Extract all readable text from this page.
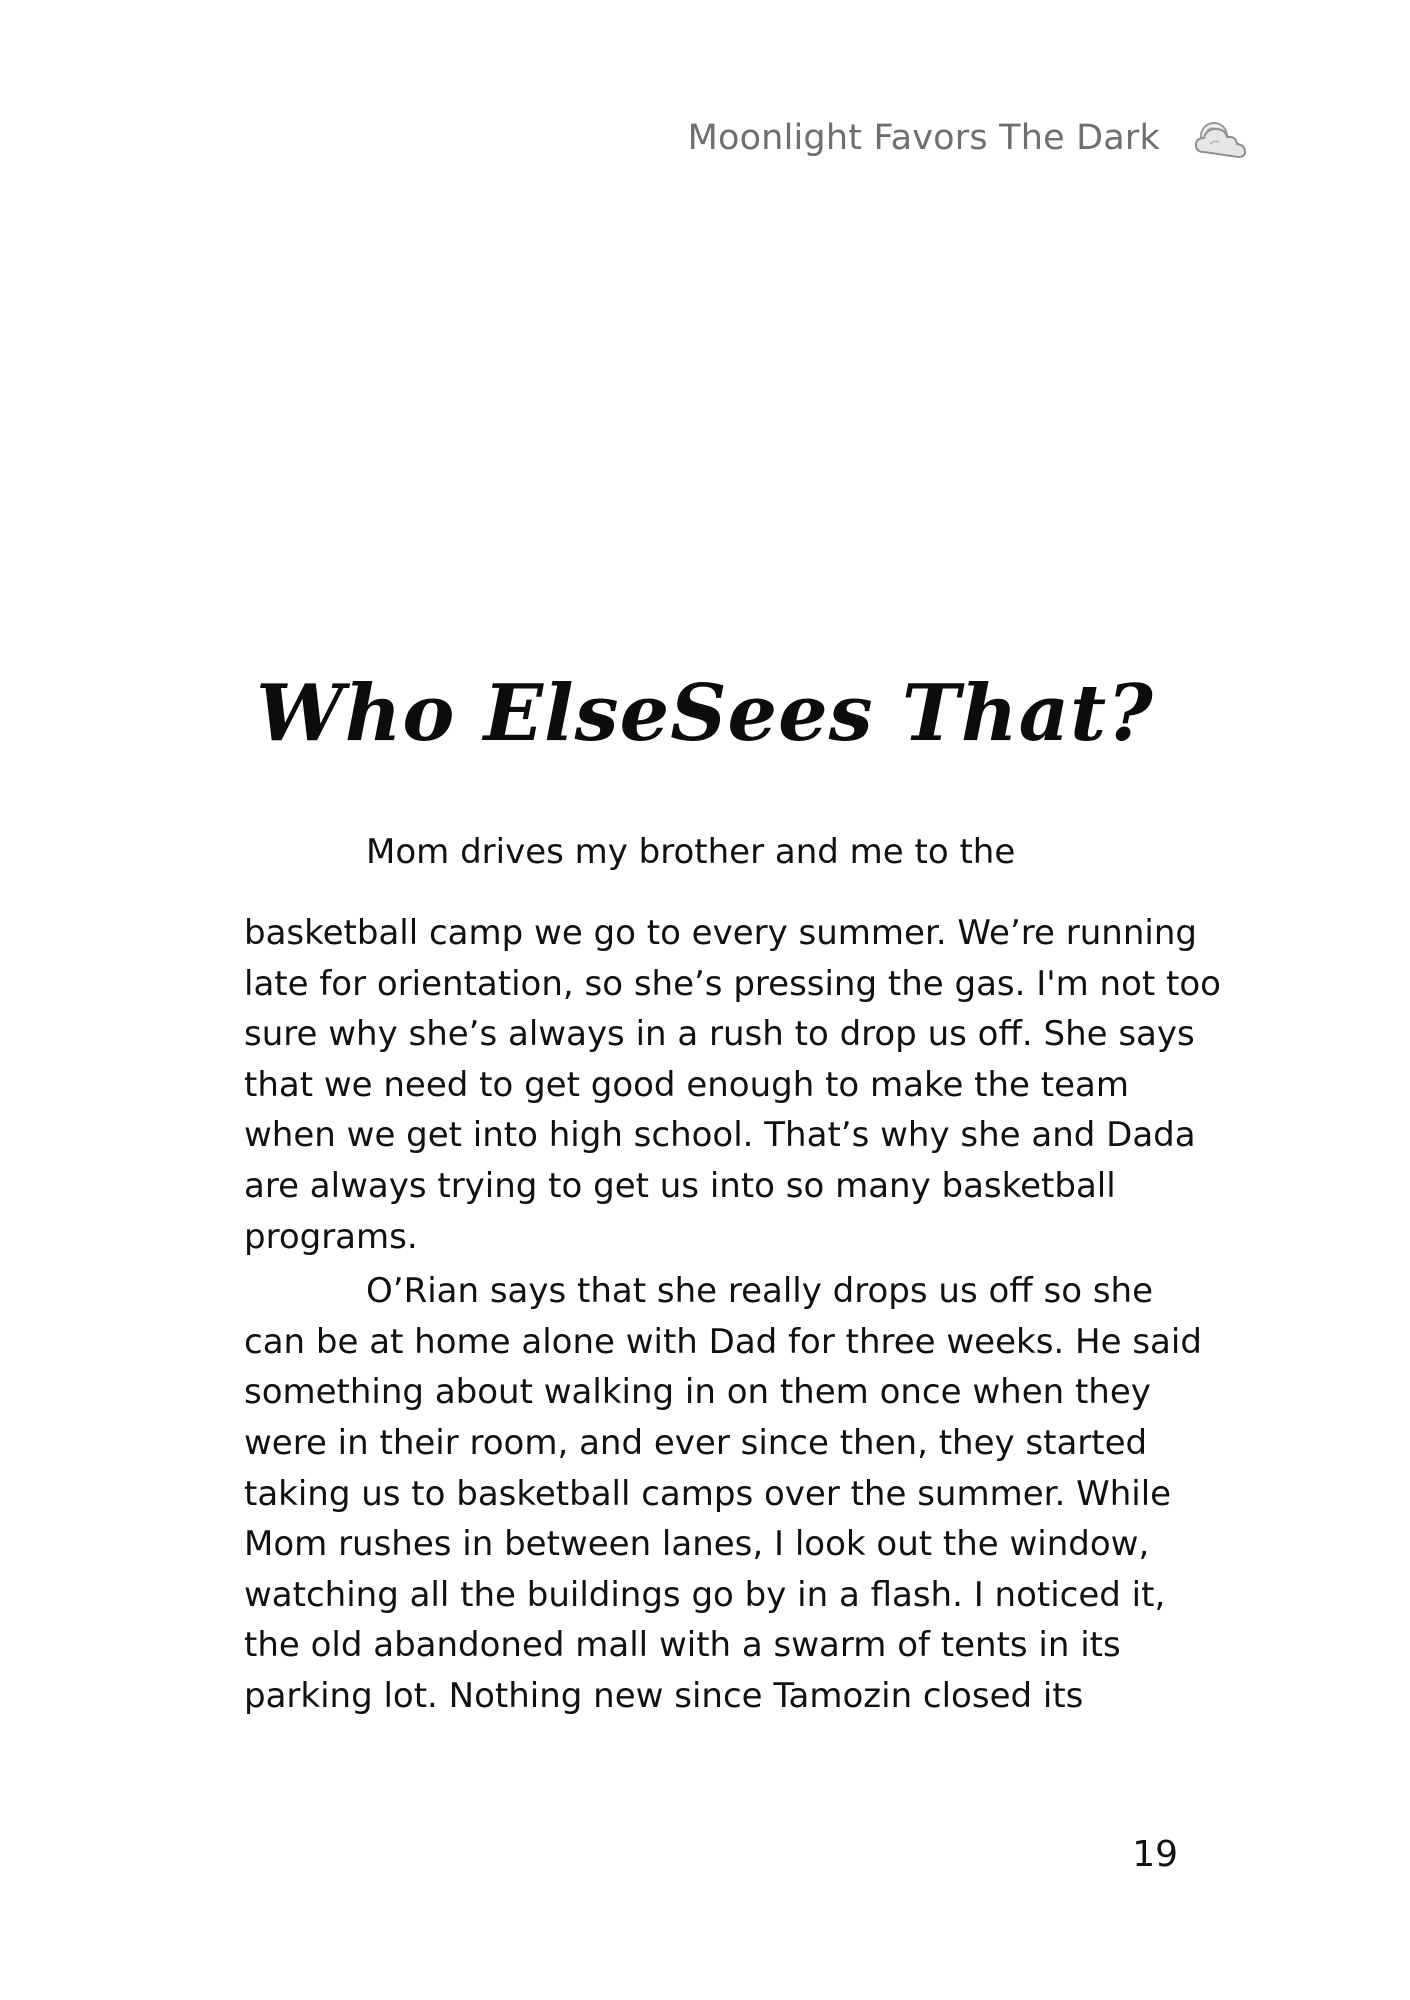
Moonlight Favors The Dark
Who ElseSees That?
Mom drives my brother and me to the
basketball camp we go to every summer. We’re running
late for orientation, so she’s pressing the gas. I'm not too
sure why she’s always in a rush to drop us off. She says
that we need to get good enough to make the team
when we get into high school. That’s why she and Dada
are always trying to get us into so many basketball
programs.
O’Rian says that she really drops us off so she
can be at home alone with Dad for three weeks. He said
something about walking in on them once when they
were in their room, and ever since then, they started
taking us to basketball camps over the summer. While
Mom rushes in between lanes, I look out the window,
watching all the buildings go by in a flash. I noticed it,
the old abandoned mall with a swarm of tents in its
parking lot. Nothing new since Tamozin closed its
19
